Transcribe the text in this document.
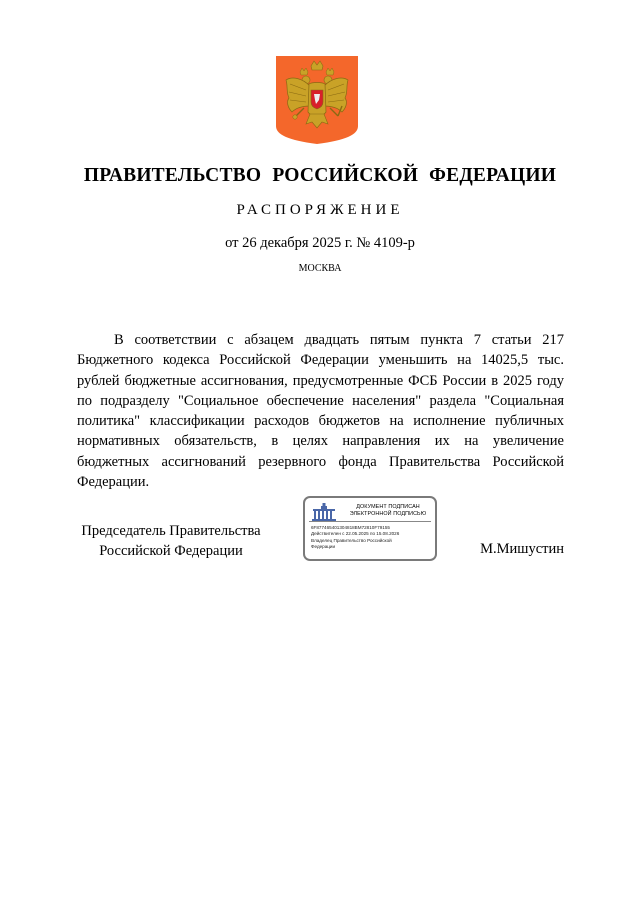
ПРАВИТЕЛЬСТВО РОССИЙСКОЙ ФЕДЕРАЦИИ
РАСПОРЯЖЕНИЕ
от 26 декабря 2025 г. № 4109-р
МОСКВА

В соответствии с абзацем двадцать пятым пункта 7 статьи 217 Бюджетного кодекса Российской Федерации уменьшить на 14025,5 тыс. рублей бюджетные ассигнования, предусмотренные ФСБ России в 2025 году по подразделу "Социальное обеспечение населения" раздела "Социальная политика" классификации расходов бюджетов на исполнение публичных нормативных обязательств, в целях направления их на увеличение бюджетных ассигнований резервного фонда Правительства Российской Федерации.

Председатель Правительства
Российской Федерации
ДОКУМЕНТ ПОДПИСАН
ЭЛЕКТРОННОЙ ПОДПИСЬЮ
6F877465401304818BM72810F79155
Действителен с 22.05.2025 по 15.08.2026
Владелец Правительство Российской
Федерации	М.Мишустин
